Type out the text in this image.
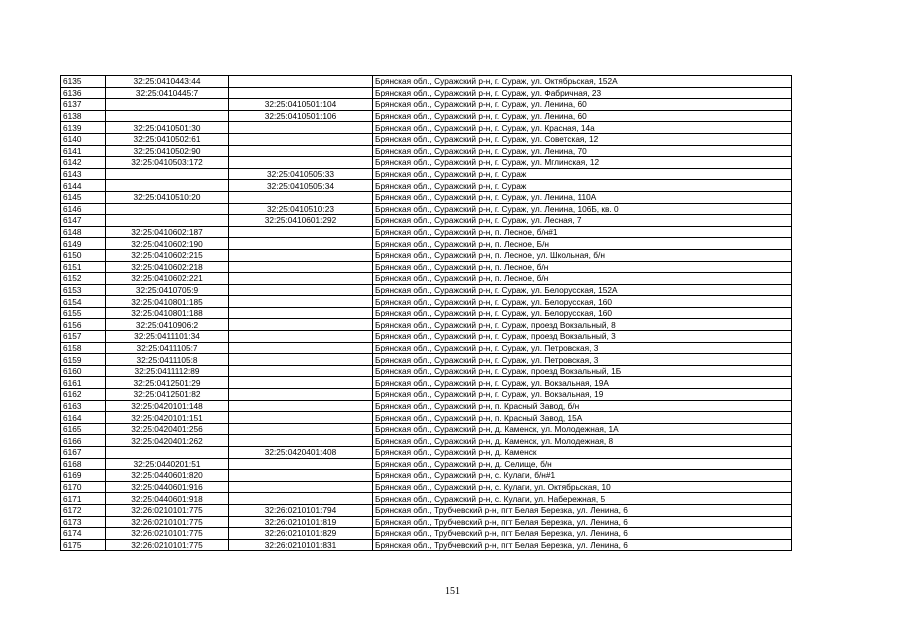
6135	32:25:0410443:44		Брянская обл., Суражский р-н, г. Сураж, ул. Октябрьская, 152А
6136	32:25:0410445:7		Брянская обл., Суражский р-н, г. Сураж, ул. Фабричная, 23
6137		32:25:0410501:104	Брянская обл., Суражский р-н, г. Сураж, ул. Ленина, 60
6138		32:25:0410501:106	Брянская обл., Суражский р-н, г. Сураж, ул. Ленина, 60
6139	32:25:0410501:30		Брянская обл., Суражский р-н, г. Сураж, ул. Красная, 14а
6140	32:25:0410502:61		Брянская обл., Суражский р-н, г. Сураж, ул. Советская, 12
6141	32:25:0410502:90		Брянская обл., Суражский р-н, г. Сураж, ул. Ленина, 70
6142	32:25:0410503:172		Брянская обл., Суражский р-н, г. Сураж, ул. Мглинская, 12
6143		32:25:0410505:33	Брянская обл., Суражский р-н, г. Сураж
6144		32:25:0410505:34	Брянская обл., Суражский р-н, г. Сураж
6145	32:25:0410510:20		Брянская обл., Суражский р-н, г. Сураж, ул. Ленина, 110А
6146		32:25:0410510:23	Брянская обл., Суражский р-н, г. Сураж, ул. Ленина, 106Б, кв. 0
6147		32:25:0410601:292	Брянская обл., Суражский р-н, г. Сураж, ул. Лесная, 7
6148	32:25:0410602:187		Брянская обл., Суражский р-н, п. Лесное, б/н#1
6149	32:25:0410602:190		Брянская обл., Суражский р-н, п. Лесное, Б/н
6150	32:25:0410602:215		Брянская обл., Суражский р-н, п. Лесное, ул. Школьная, б/н
6151	32:25:0410602:218		Брянская обл., Суражский р-н, п. Лесное, б/н
6152	32:25:0410602:221		Брянская обл., Суражский р-н, п. Лесное, б/н
6153	32:25:0410705:9		Брянская обл., Суражский р-н, г. Сураж, ул. Белорусская, 152А
6154	32:25:0410801:185		Брянская обл., Суражский р-н, г. Сураж, ул. Белорусская, 160
6155	32:25:0410801:188		Брянская обл., Суражский р-н, г. Сураж, ул. Белорусская, 160
6156	32:25:0410906:2		Брянская обл., Суражский р-н, г. Сураж, проезд Вокзальный, 8
6157	32:25:0411101:34		Брянская обл., Суражский р-н, г. Сураж, проезд Вокзальный, 3
6158	32:25:0411105:7		Брянская обл., Суражский р-н, г. Сураж, ул. Петровская, 3
6159	32:25:0411105:8		Брянская обл., Суражский р-н, г. Сураж, ул. Петровская, 3
6160	32:25:0411112:89		Брянская обл., Суражский р-н, г. Сураж, проезд Вокзальный, 1Б
6161	32:25:0412501:29		Брянская обл., Суражский р-н, г. Сураж, ул. Вокзальная, 19А
6162	32:25:0412501:82		Брянская обл., Суражский р-н, г. Сураж, ул. Вокзальная, 19
6163	32:25:0420101:148		Брянская обл., Суражский р-н, п. Красный Завод, б/н
6164	32:25:0420101:151		Брянская обл., Суражский р-н, п. Красный Завод, 15А
6165	32:25:0420401:256		Брянская обл., Суражский р-н, д. Каменск, ул. Молодежная, 1А
6166	32:25:0420401:262		Брянская обл., Суражский р-н, д. Каменск, ул. Молодежная, 8
6167		32:25:0420401:408	Брянская обл., Суражский р-н, д. Каменск
6168	32:25:0440201:51		Брянская обл., Суражский р-н, д. Селище, б/н
6169	32:25:0440601:820		Брянская обл., Суражский р-н, с. Кулаги, б/н#1
6170	32:25:0440601:916		Брянская обл., Суражский р-н, с. Кулаги, ул. Октябрьская, 10
6171	32:25:0440601:918		Брянская обл., Суражский р-н, с. Кулаги, ул. Набережная, 5
6172	32:26:0210101:775	32:26:0210101:794	Брянская обл., Трубчевский р-н, пгт Белая Березка, ул. Ленина, 6
6173	32:26:0210101:775	32:26:0210101:819	Брянская обл., Трубчевский р-н, пгт Белая Березка, ул. Ленина, 6
6174	32:26:0210101:775	32:26:0210101:829	Брянская обл., Трубчевский р-н, пгт Белая Березка, ул. Ленина, 6
6175	32:26:0210101:775	32:26:0210101:831	Брянская обл., Трубчевский р-н, пгт Белая Березка, ул. Ленина, 6
151
